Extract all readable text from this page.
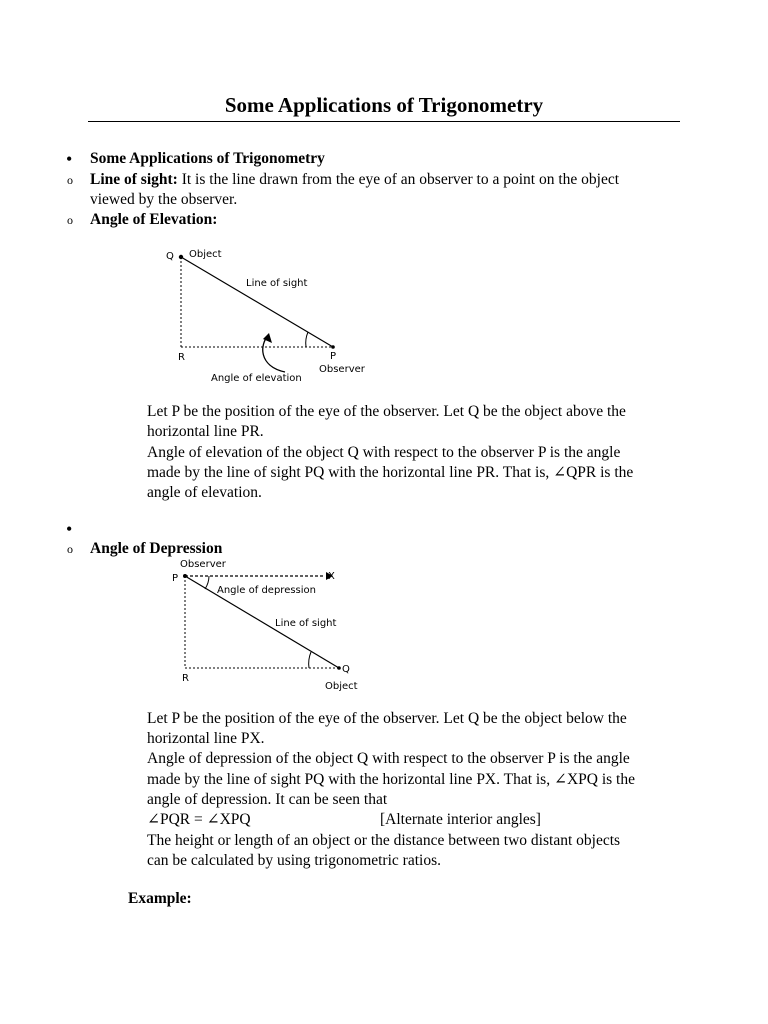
Some Applications of Trigonometry
• Some Applications of Trigonometry
o Line of sight: It is the line drawn from the eye of an observer to a point on the object
viewed by the observer.
o Angle of Elevation:
Q Object
Line of sight
R	P
Observer
Angle of elevation
Let P be the position of the eye of the observer. Let Q be the object above the
horizontal line PR.
Angle of elevation of the object Q with respect to the observer P is the angle
made by the line of sight PQ with the horizontal line PR. That is, ∠QPR is the
angle of elevation.
•
o Angle of Depression
Observer
P	X
Angle of depression
Line of sight
R
Q
Object
Let P be the position of the eye of the observer. Let Q be the object below the
horizontal line PX.
Angle of depression of the object Q with respect to the observer P is the angle
made by the line of sight PQ with the horizontal line PX. That is, ∠XPQ is the
angle of depression. It can be seen that
∠PQR = ∠XPQ	[Alternate interior angles]
The height or length of an object or the distance between two distant objects
can be calculated by using trigonometric ratios.
Example:
